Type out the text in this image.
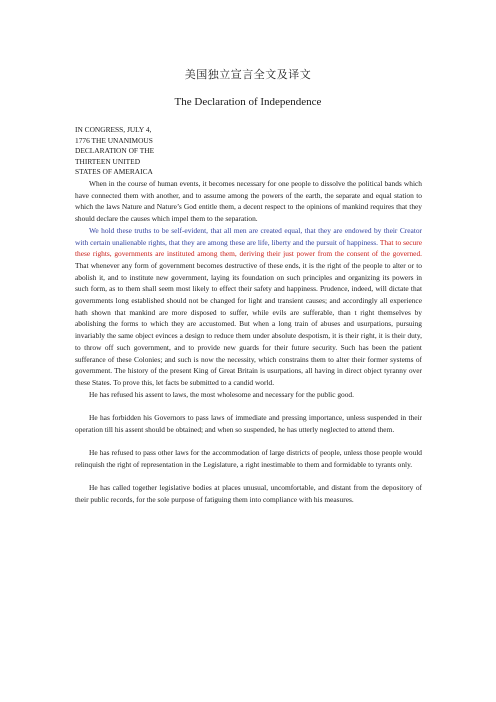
美国独立宣言全文及译文
The Declaration of Independence
IN CONGRESS, JULY 4,
1776 THE UNANIMOUS
DECLARATION OF THE
THIRTEEN UNITED
STATES OF AMERAICA

When in the course of human events, it becomes necessary for one people to dissolve the political bands which have connected them with another, and to assume among the powers of the earth, the separate and equal station to which the laws Nature and Nature’s God entitle them, a decent respect to the opinions of mankind requires that they should declare the causes which impel them to the separation.

We hold these truths to be self-evident, that all men are created equal, that they are endowed by their Creator with certain unalienable rights, that they are among these are life, liberty and the pursuit of happiness. That to secure these rights, governments are instituted among them, deriving their just power from the consent of the governed. That whenever any form of government becomes destructive of these ends, it is the right of the people to alter or to abolish it, and to institute new government, laying its foundation on such principles and organizing its powers in such form, as to them shall seem most likely to effect their safety and happiness. Prudence, indeed, will dictate that governments long established should not be changed for light and transient causes; and accordingly all experience hath shown that mankind are more disposed to suffer, while evils are sufferable, than t right themselves by abolishing the forms to which they are accustomed. But when a long train of abuses and usurpations, pursuing invariably the same object evinces a design to reduce them under absolute despotism, it is their right, it is their duty, to throw off such government, and to provide new guards for their future security. Such has been the patient sufferance of these Colonies; and such is now the necessity, which constrains them to alter their former systems of government. The history of the present King of Great Britain is usurpations, all having in direct object tyranny over these States. To prove this, let facts be submitted to a candid world.

He has refused his assent to laws, the most wholesome and necessary for the public good.

He has forbidden his Governors to pass laws of immediate and pressing importance, unless suspended in their operation till his assent should be obtained; and when so suspended, he has utterly neglected to attend them.

He has refused to pass other laws for the accommodation of large districts of people, unless those people would relinquish the right of representation in the Legislature, a right inestimable to them and formidable to tyrants only.

He has called together legislative bodies at places unusual, uncomfortable, and distant from the depository of their public records, for the sole purpose of fatiguing them into compliance with his measures.
